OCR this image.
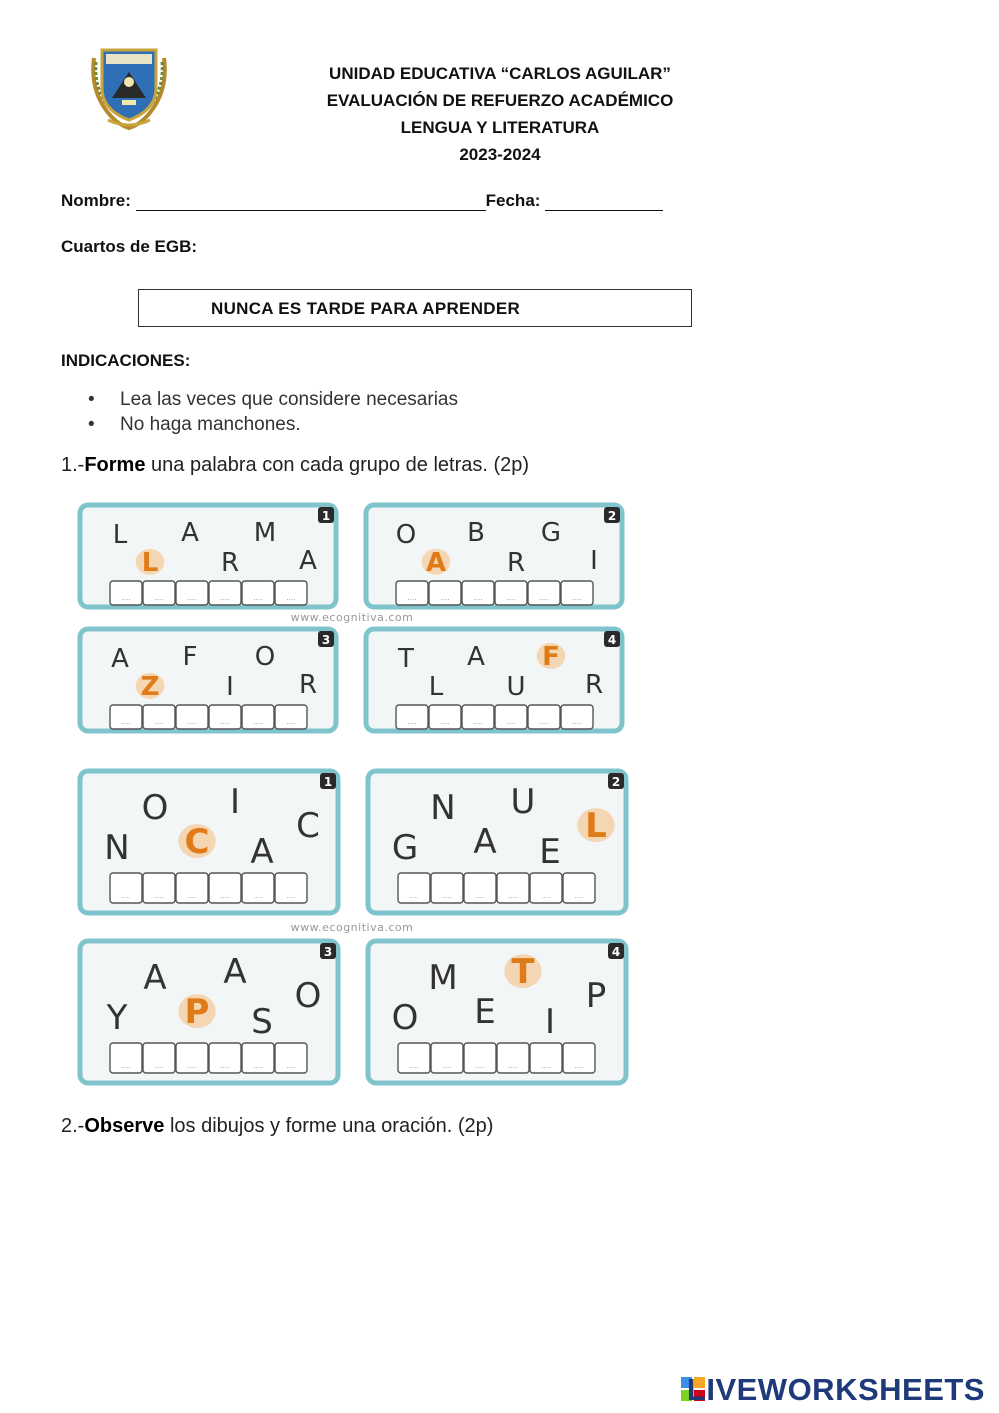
UNIDAD EDUCATIVA “CARLOS AGUILAR”
EVALUACIÓN DE REFUERZO ACADÉMICO
LENGUA Y LITERATURA
2023-2024
Nombre:	Fecha:
Cuartos de EGB:
NUNCA ES TARDE PARA APRENDER
INDICACIONES:
• Lea las veces que considere necesarias
• No haga manchones.
1.-Forme una palabra con cada grupo de letras. (2p)
1
L A M
L R A
....	....	....	....	....	....
2
O B G
A R	I
....	....	....	....	....	....
3
A F O
Z	I	R
....	....	....	....	....	....
4
T A F
L U R
....	....	....	....	....	....
www.ecognitiva.com
1
O I
C
N C A
....	....	....	....	....	....
2
N U
L
G A E
....	....	....	....	....	....
3
A A
O
Y P S
....	....	....	....	....	....
4
M T
P
O E I
....	....	....	....	....	....
www.ecognitiva.com
2.-Observe los dibujos y forme una oración. (2p)
LIVEWORKSHEETS
